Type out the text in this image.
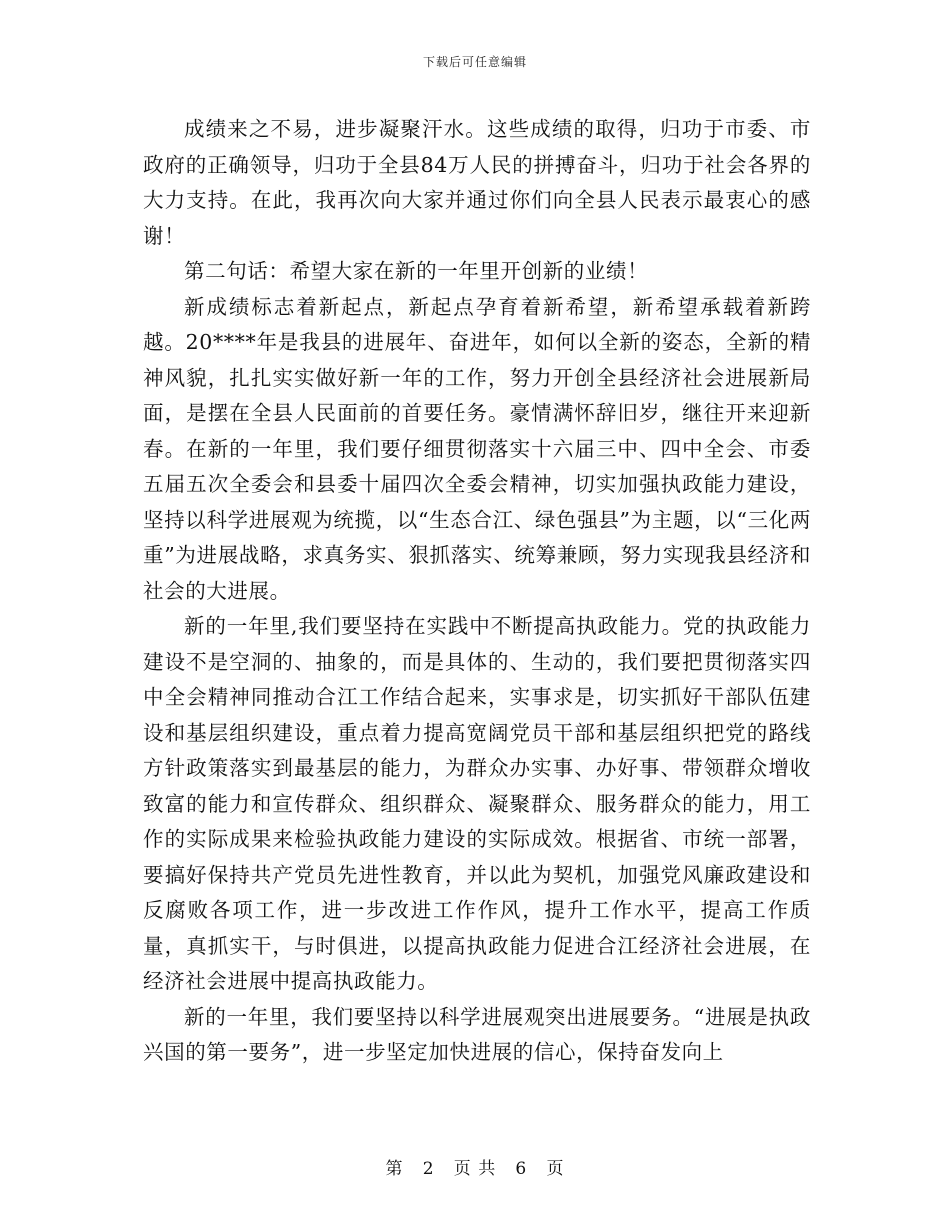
下载后可任意编辑

成绩来之不易，进步凝聚汗水。这些成绩的取得，归功于市委、市政府的正确领导，归功于全县84万人民的拼搏奋斗，归功于社会各界的大力支持。在此，我再次向大家并通过你们向全县人民表示最衷心的感谢！

第二句话：希望大家在新的一年里开创新的业绩！

新成绩标志着新起点，新起点孕育着新希望，新希望承载着新跨越。20****年是我县的进展年、奋进年，如何以全新的姿态，全新的精神风貌，扎扎实实做好新一年的工作，努力开创全县经济社会进展新局面，是摆在全县人民面前的首要任务。豪情满怀辞旧岁，继往开来迎新春。在新的一年里，我们要仔细贯彻落实十六届三中、四中全会、市委五届五次全委会和县委十届四次全委会精神，切实加强执政能力建设，坚持以科学进展观为统揽，以“生态合江、绿色强县”为主题，以“三化两重”为进展战略，求真务实、狠抓落实、统筹兼顾，努力实现我县经济和社会的大进展。

新的一年里,我们要坚持在实践中不断提高执政能力。党的执政能力建设不是空洞的、抽象的，而是具体的、生动的，我们要把贯彻落实四中全会精神同推动合江工作结合起来，实事求是，切实抓好干部队伍建设和基层组织建设，重点着力提高宽阔党员干部和基层组织把党的路线方针政策落实到最基层的能力，为群众办实事、办好事、带领群众增收致富的能力和宣传群众、组织群众、凝聚群众、服务群众的能力，用工作的实际成果来检验执政能力建设的实际成效。根据省、市统一部署，要搞好保持共产党员先进性教育，并以此为契机，加强党风廉政建设和反腐败各项工作，进一步改进工作作风，提升工作水平，提高工作质量，真抓实干，与时俱进，以提高执政能力促进合江经济社会进展，在经济社会进展中提高执政能力。

新的一年里，我们要坚持以科学进展观突出进展要务。“进展是执政兴国的第一要务”，进一步坚定加快进展的信心，保持奋发向上

第 2 页 共 6 页
